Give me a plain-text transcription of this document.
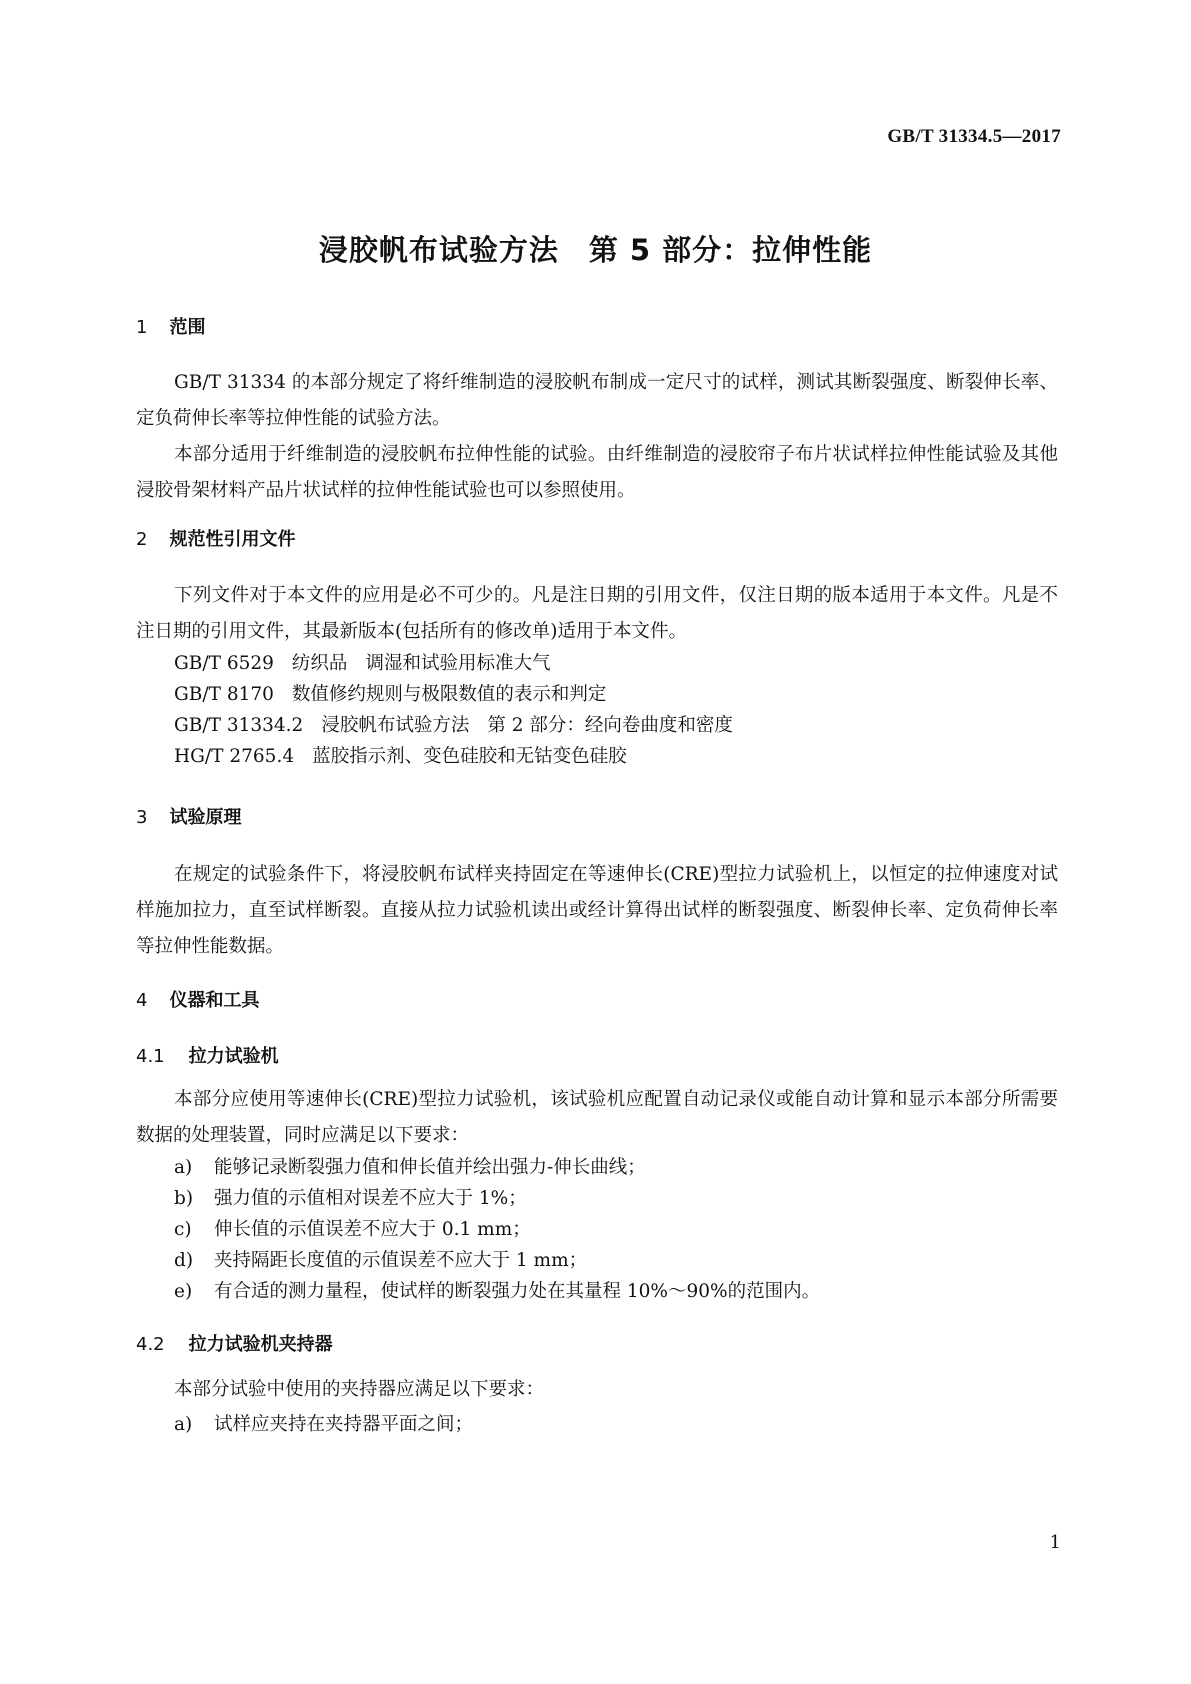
GB/T 31334.5—2017
浸胶帆布试验方法　第 5 部分：拉伸性能
1 范围

GB/T 31334 的本部分规定了将纤维制造的浸胶帆布制成一定尺寸的试样，测试其断裂强度、断裂伸长率、定负荷伸长率等拉伸性能的试验方法。

本部分适用于纤维制造的浸胶帆布拉伸性能的试验。由纤维制造的浸胶帘子布片状试样拉伸性能试验及其他浸胶骨架材料产品片状试样的拉伸性能试验也可以参照使用。

2 规范性引用文件

下列文件对于本文件的应用是必不可少的。凡是注日期的引用文件，仅注日期的版本适用于本文件。凡是不注日期的引用文件，其最新版本(包括所有的修改单)适用于本文件。

GB/T 6529 纺织品 调湿和试验用标准大气

GB/T 8170 数值修约规则与极限数值的表示和判定

GB/T 31334.2 浸胶帆布试验方法 第 2 部分：经向卷曲度和密度

HG/T 2765.4 蓝胶指示剂、变色硅胶和无钴变色硅胶

3 试验原理

在规定的试验条件下，将浸胶帆布试样夹持固定在等速伸长(CRE)型拉力试验机上，以恒定的拉伸速度对试样施加拉力，直至试样断裂。直接从拉力试验机读出或经计算得出试样的断裂强度、断裂伸长率、定负荷伸长率等拉伸性能数据。

4 仪器和工具
4.1 拉力试验机

本部分应使用等速伸长(CRE)型拉力试验机，该试验机应配置自动记录仪或能自动计算和显示本部分所需要数据的处理装置，同时应满足以下要求：

a) 能够记录断裂强力值和伸长值并绘出强力-伸长曲线；

b) 强力值的示值相对误差不应大于 1%；

c) 伸长值的示值误差不应大于 0.1 mm；

d) 夹持隔距长度值的示值误差不应大于 1 mm；

e) 有合适的测力量程，使试样的断裂强力处在其量程 10%～90%的范围内。

4.2 拉力试验机夹持器

本部分试验中使用的夹持器应满足以下要求：

a) 试样应夹持在夹持器平面之间；

1
